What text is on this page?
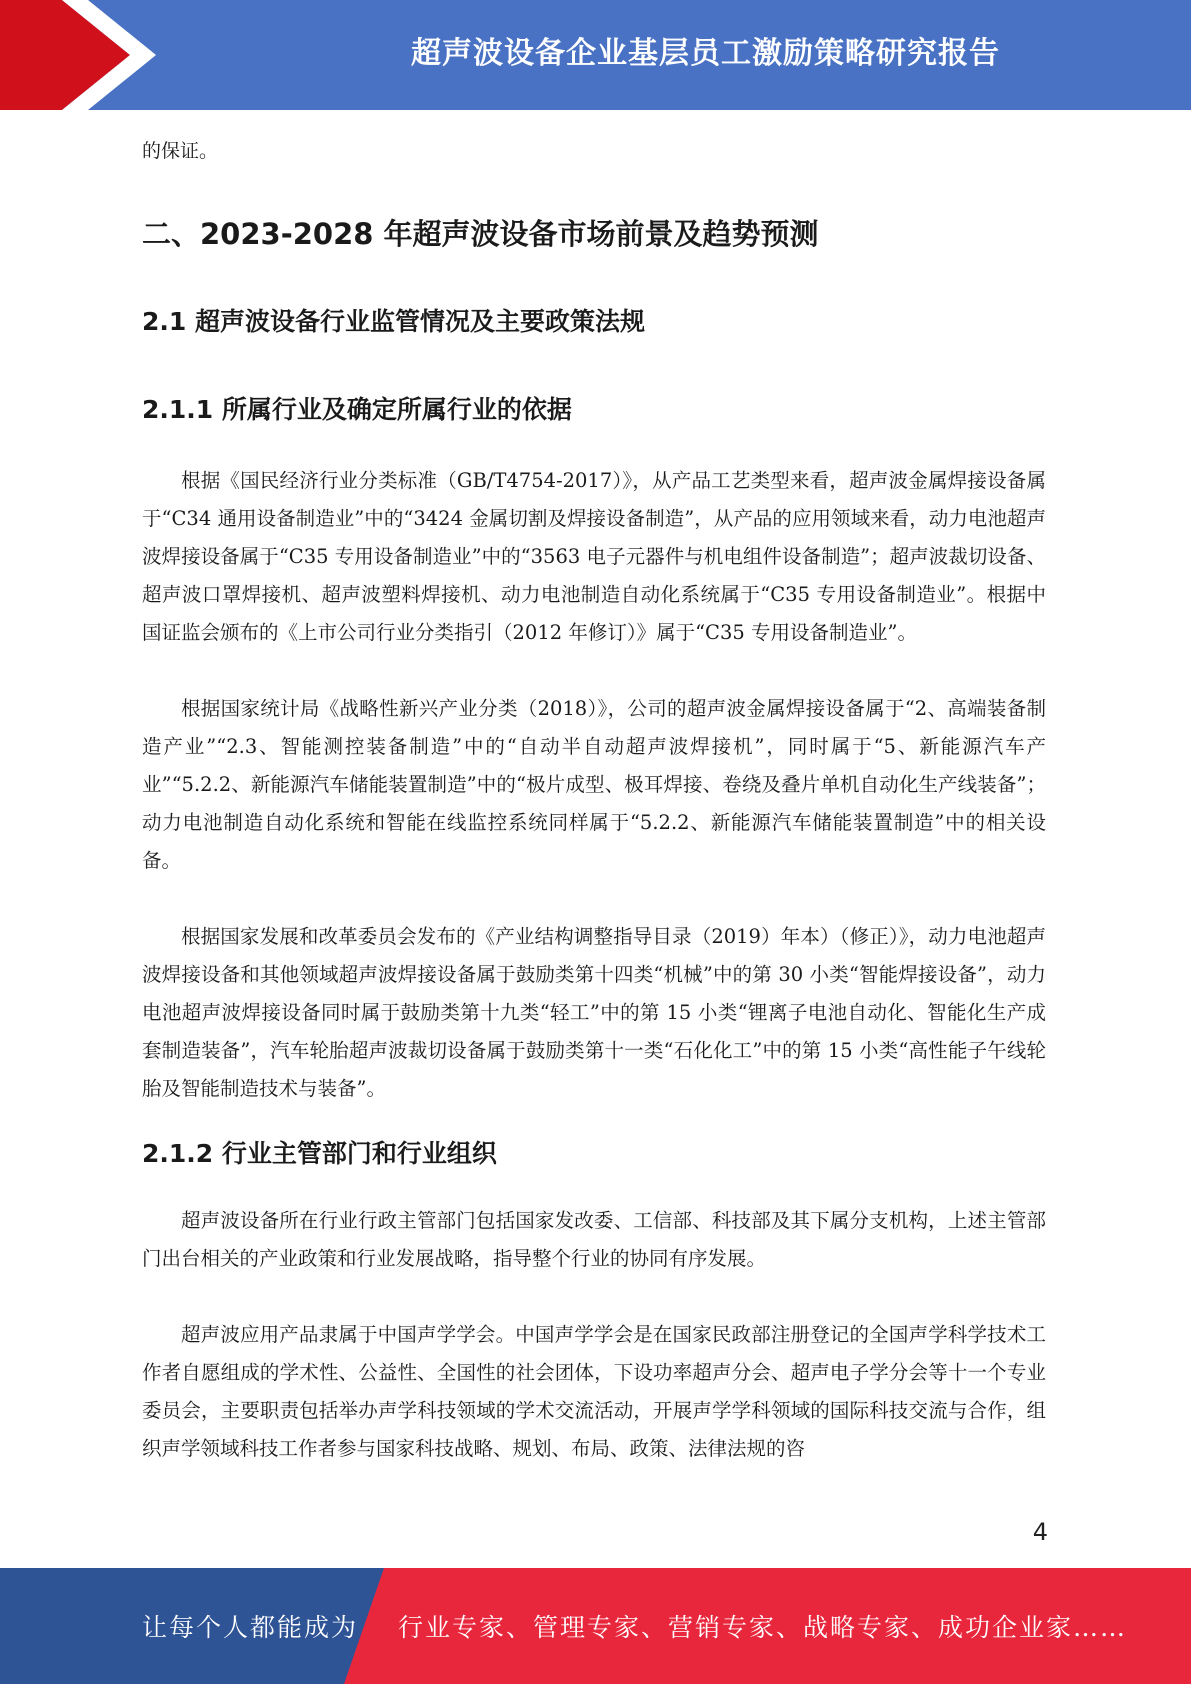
超声波设备企业基层员工激励策略研究报告

的保证。

二、2023-2028 年超声波设备市场前景及趋势预测
2.1 超声波设备行业监管情况及主要政策法规
2.1.1 所属行业及确定所属行业的依据

根据《国民经济行业分类标准（GB/T4754-2017）》，从产品工艺类型来看，超声波金属焊接设备属于“C34 通用设备制造业”中的“3424 金属切割及焊接设备制造”，从产品的应用领域来看，动力电池超声波焊接设备属于“C35 专用设备制造业”中的“3563 电子元器件与机电组件设备制造”；超声波裁切设备、超声波口罩焊接机、超声波塑料焊接机、动力电池制造自动化系统属于“C35 专用设备制造业”。根据中国证监会颁布的《上市公司行业分类指引（2012 年修订）》属于“C35 专用设备制造业”。

根据国家统计局《战略性新兴产业分类（2018）》，公司的超声波金属焊接设备属于“2、高端装备制造产业”“2.3、智能测控装备制造”中的“自动半自动超声波焊接机”，同时属于“5、新能源汽车产业”“5.2.2、新能源汽车储能装置制造”中的“极片成型、极耳焊接、卷绕及叠片单机自动化生产线装备”；动力电池制造自动化系统和智能在线监控系统同样属于“5.2.2、新能源汽车储能装置制造”中的相关设备。

根据国家发展和改革委员会发布的《产业结构调整指导目录（2019）年本）（修正）》，动力电池超声波焊接设备和其他领域超声波焊接设备属于鼓励类第十四类“机械”中的第 30 小类“智能焊接设备”，动力电池超声波焊接设备同时属于鼓励类第十九类“轻工”中的第 15 小类“锂离子电池自动化、智能化生产成套制造装备”，汽车轮胎超声波裁切设备属于鼓励类第十一类“石化化工”中的第 15 小类“高性能子午线轮胎及智能制造技术与装备”。

2.1.2 行业主管部门和行业组织

超声波设备所在行业行政主管部门包括国家发改委、工信部、科技部及其下属分支机构，上述主管部门出台相关的产业政策和行业发展战略，指导整个行业的协同有序发展。

超声波应用产品隶属于中国声学学会。中国声学学会是在国家民政部注册登记的全国声学科学技术工作者自愿组成的学术性、公益性、全国性的社会团体，下设功率超声分会、超声电子学分会等十一个专业委员会，主要职责包括举办声学科技领域的学术交流活动，开展声学学科领域的国际科技交流与合作，组织声学领域科技工作者参与国家科技战略、规划、布局、政策、法律法规的咨

4
让每个人都能成为 行业专家、管理专家、营销专家、战略专家、成功企业家……
